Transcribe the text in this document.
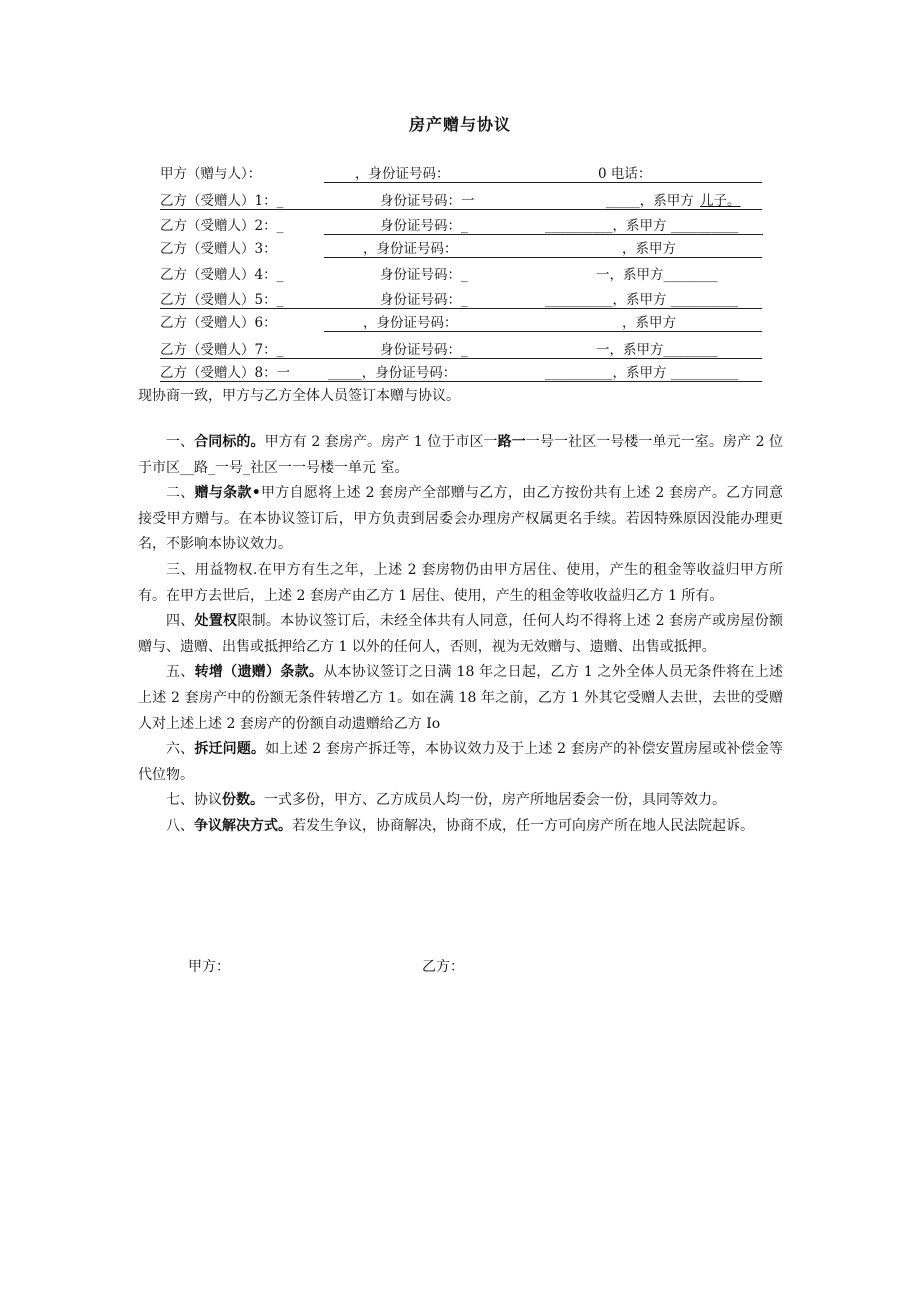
房产赠与协议
甲方（赠与人）：	，身份证号码：	0 电话：
乙方（受赠人）1：_	身份证号码：一	_____，系甲方 儿子。
乙方（受赠人）2：_	身份证号码：_	__________，系甲方 __________
乙方（受赠人）3：	，身份证号码：	，系甲方
乙方（受赠人）4：_	身份证号码：_	一，系甲方________
乙方（受赠人）5：_	身份证号码：_	__________，系甲方 __________
乙方（受赠人）6：	，身份证号码：	，系甲方
乙方（受赠人）7：_	身份证号码：_	一，系甲方________
乙方（受赠人）8：一	_____，身份证号码：	__________，系甲方 __________
现协商一致，甲方与乙方全体人员签订本赠与协议。

一、合同标的。甲方有 2 套房产。房产 1 位于市区一路一一号一社区一号楼一单元一室。房产 2 位于市区__路_一号_社区一一号楼一单元 室。

二、赠与条款•甲方自愿将上述 2 套房产全部赠与乙方，由乙方按份共有上述 2 套房产。乙方同意接受甲方赠与。在本协议签订后，甲方负责到居委会办理房产权属更名手续。若因特殊原因没能办理更名，不影响本协议效力。

三、用益物权.在甲方有生之年，上述 2 套房物仍由甲方居住、使用，产生的租金等收益归甲方所有。在甲方去世后，上述 2 套房产由乙方 1 居住、使用，产生的租金等收收益归乙方 1 所有。

四、处置权限制。本协议签订后，未经全体共有人同意，任何人均不得将上述 2 套房产或房屋份额赠与、遗赠、出售或抵押给乙方 1 以外的任何人，否则，视为无效赠与、遗赠、出售或抵押。

五、转增（遗赠）条款。从本协议签订之日满 18 年之日起，乙方 1 之外全体人员无条件将在上述上述 2 套房产中的份额无条件转增乙方 1。如在满 18 年之前，乙方 1 外其它受赠人去世，去世的受赠人对上述上述 2 套房产的份额自动遗赠给乙方 Io

六、拆迁问题。如上述 2 套房产拆迁等，本协议效力及于上述 2 套房产的补偿安置房屋或补偿金等代位物。

七、协议份数。一式多份，甲方、乙方成员人均一份，房产所地居委会一份，具同等效力。

八、争议解决方式。若发生争议，协商解决，协商不成，任一方可向房产所在地人民法院起诉。

甲方：	乙方：
